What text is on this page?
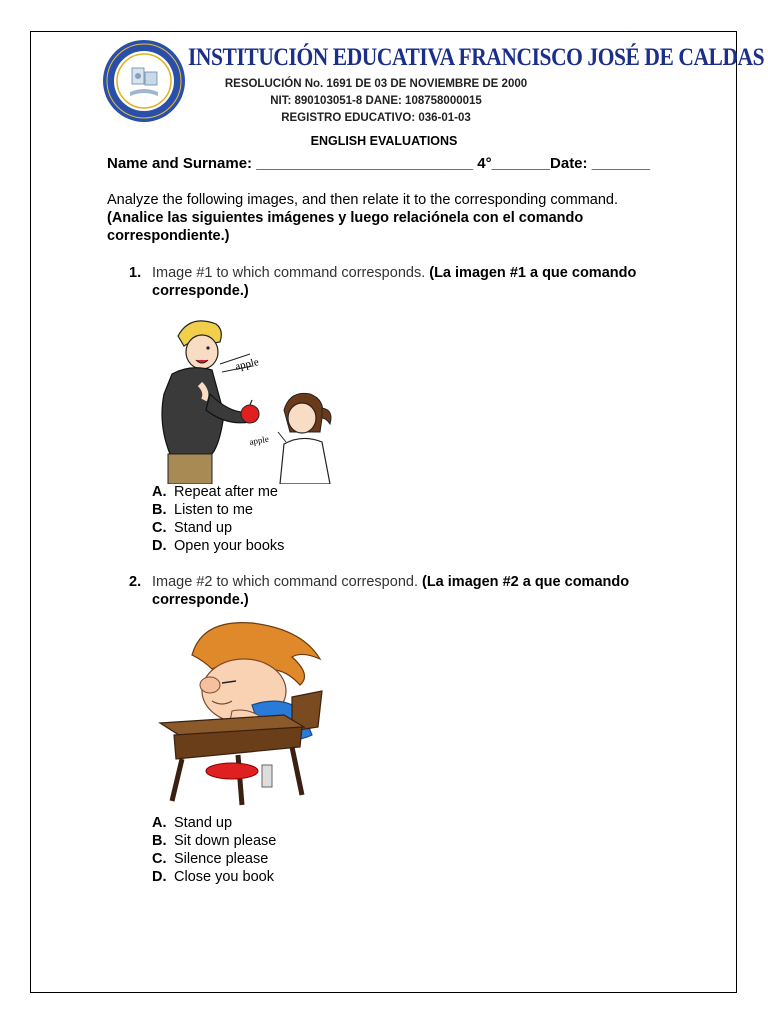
INSTITUCIÓN EDUCATIVA FRANCISCO JOSÉ DE CALDAS
RESOLUCIÓN No. 1691 DE 03 DE NOVIEMBRE DE 2000
NIT: 890103051-8 DANE: 108758000015
REGISTRO EDUCATIVO: 036-01-03
ENGLISH EVALUATIONS
Name and Surname: __________________________ 4°_______Date: _______
Analyze the following images, and then relate it to the corresponding command.
(Analice las siguientes imágenes y luego relaciónela con el comando correspondiente.)
1. Image #1 to which command corresponds. (La imagen #1 a que comando corresponde.)
apple
apple
A. Repeat after me
B. Listen to me
C. Stand up
D. Open your books
2. Image #2 to which command correspond. (La imagen #2 a que comando corresponde.)
A. Stand up
B. Sit down please
C. Silence please
D. Close you book
